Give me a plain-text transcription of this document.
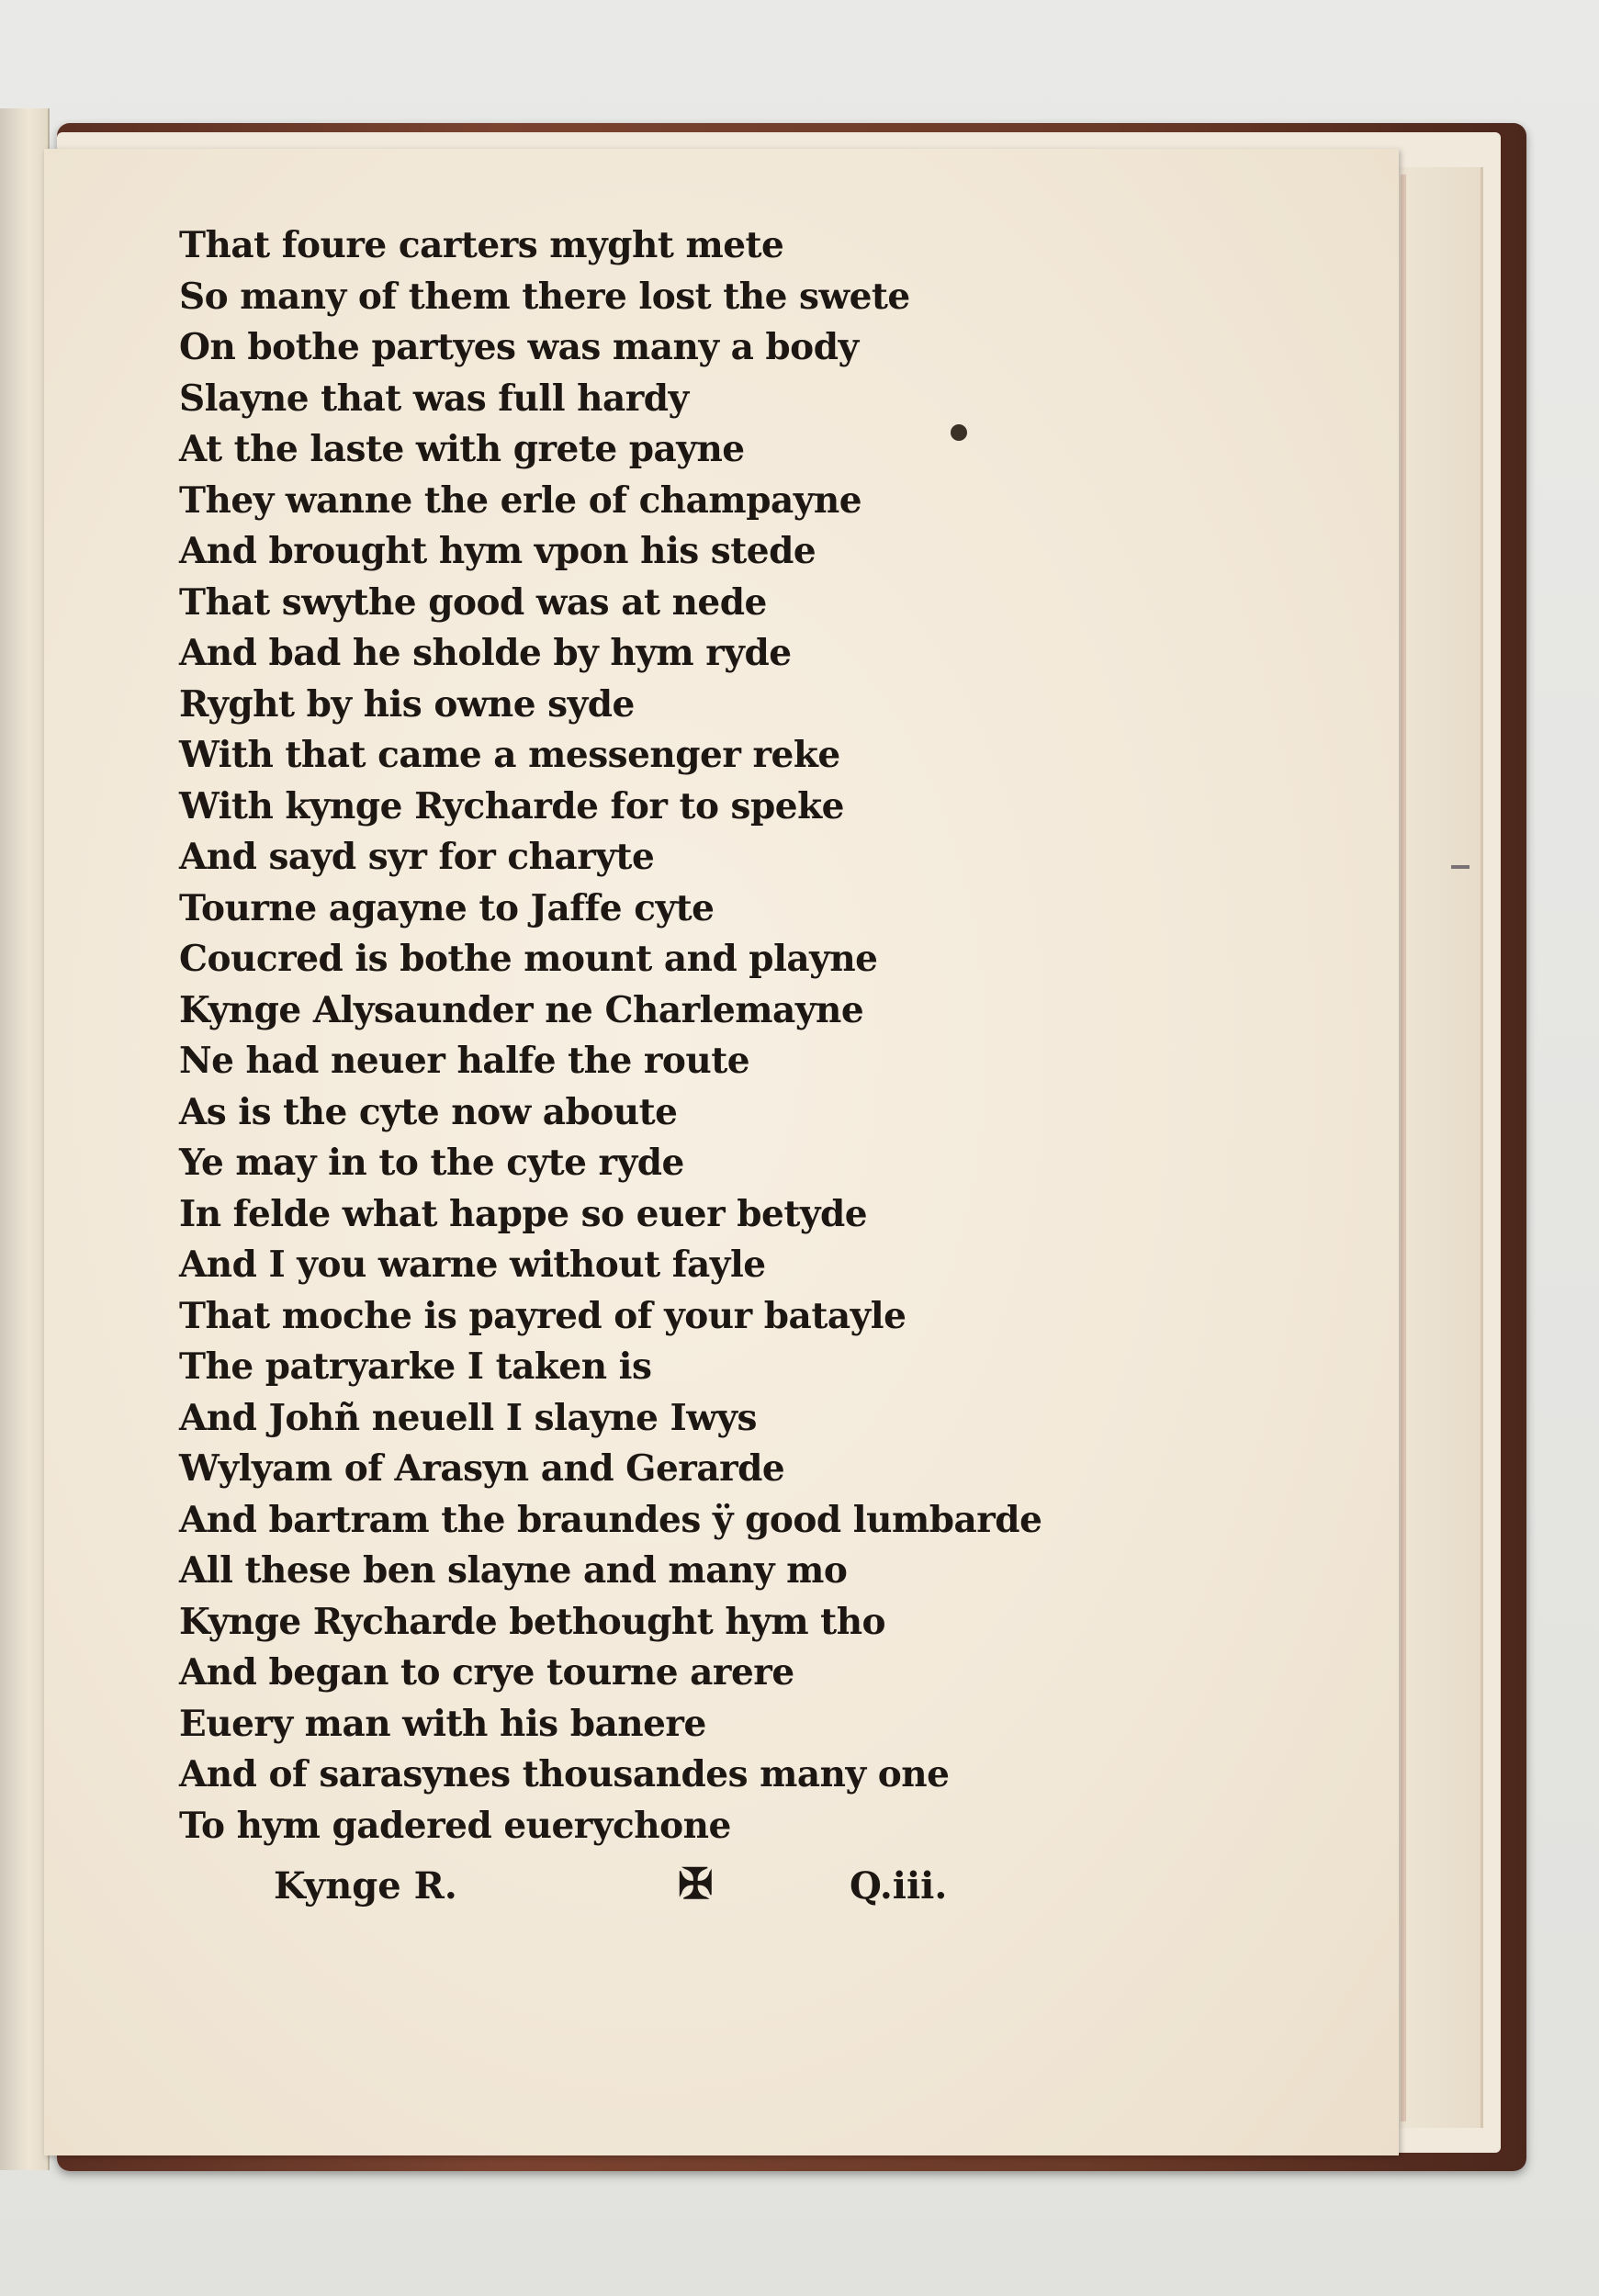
That foure carters myght mete
So many of them there lost the swete
On bothe partyes was many a body
Slayne that was full hardy
At the laste with grete payne
They wanne the erle of champayne
And brought hym vpon his stede
That swythe good was at nede
And bad he sholde by hym ryde
Ryght by his owne syde
With that came a messenger reke
With kynge Rycharde for to speke
And sayd syr for charyte
Tourne agayne to Jaffe cyte
Coucred is bothe mount and playne
Kynge Alysaunder ne Charlemayne
Ne had neuer halfe the route
As is the cyte now aboute
Ye may in to the cyte ryde
In felde what happe so euer betyde
And I you warne without fayle
That moche is payred of your batayle
The patryarke I taken is
And Johñ neuell I slayne Iwys
Wylyam of Arasyn and Gerarde
And bartram the braundes ÿ good lumbarde
All these ben slayne and many mo
Kynge Rycharde bethought hym tho
And began to crye tourne arere
Euery man with his banere
And of sarasynes thousandes many one
To hym gadered euerychone
Kynge R.	✠	Q.iii.
